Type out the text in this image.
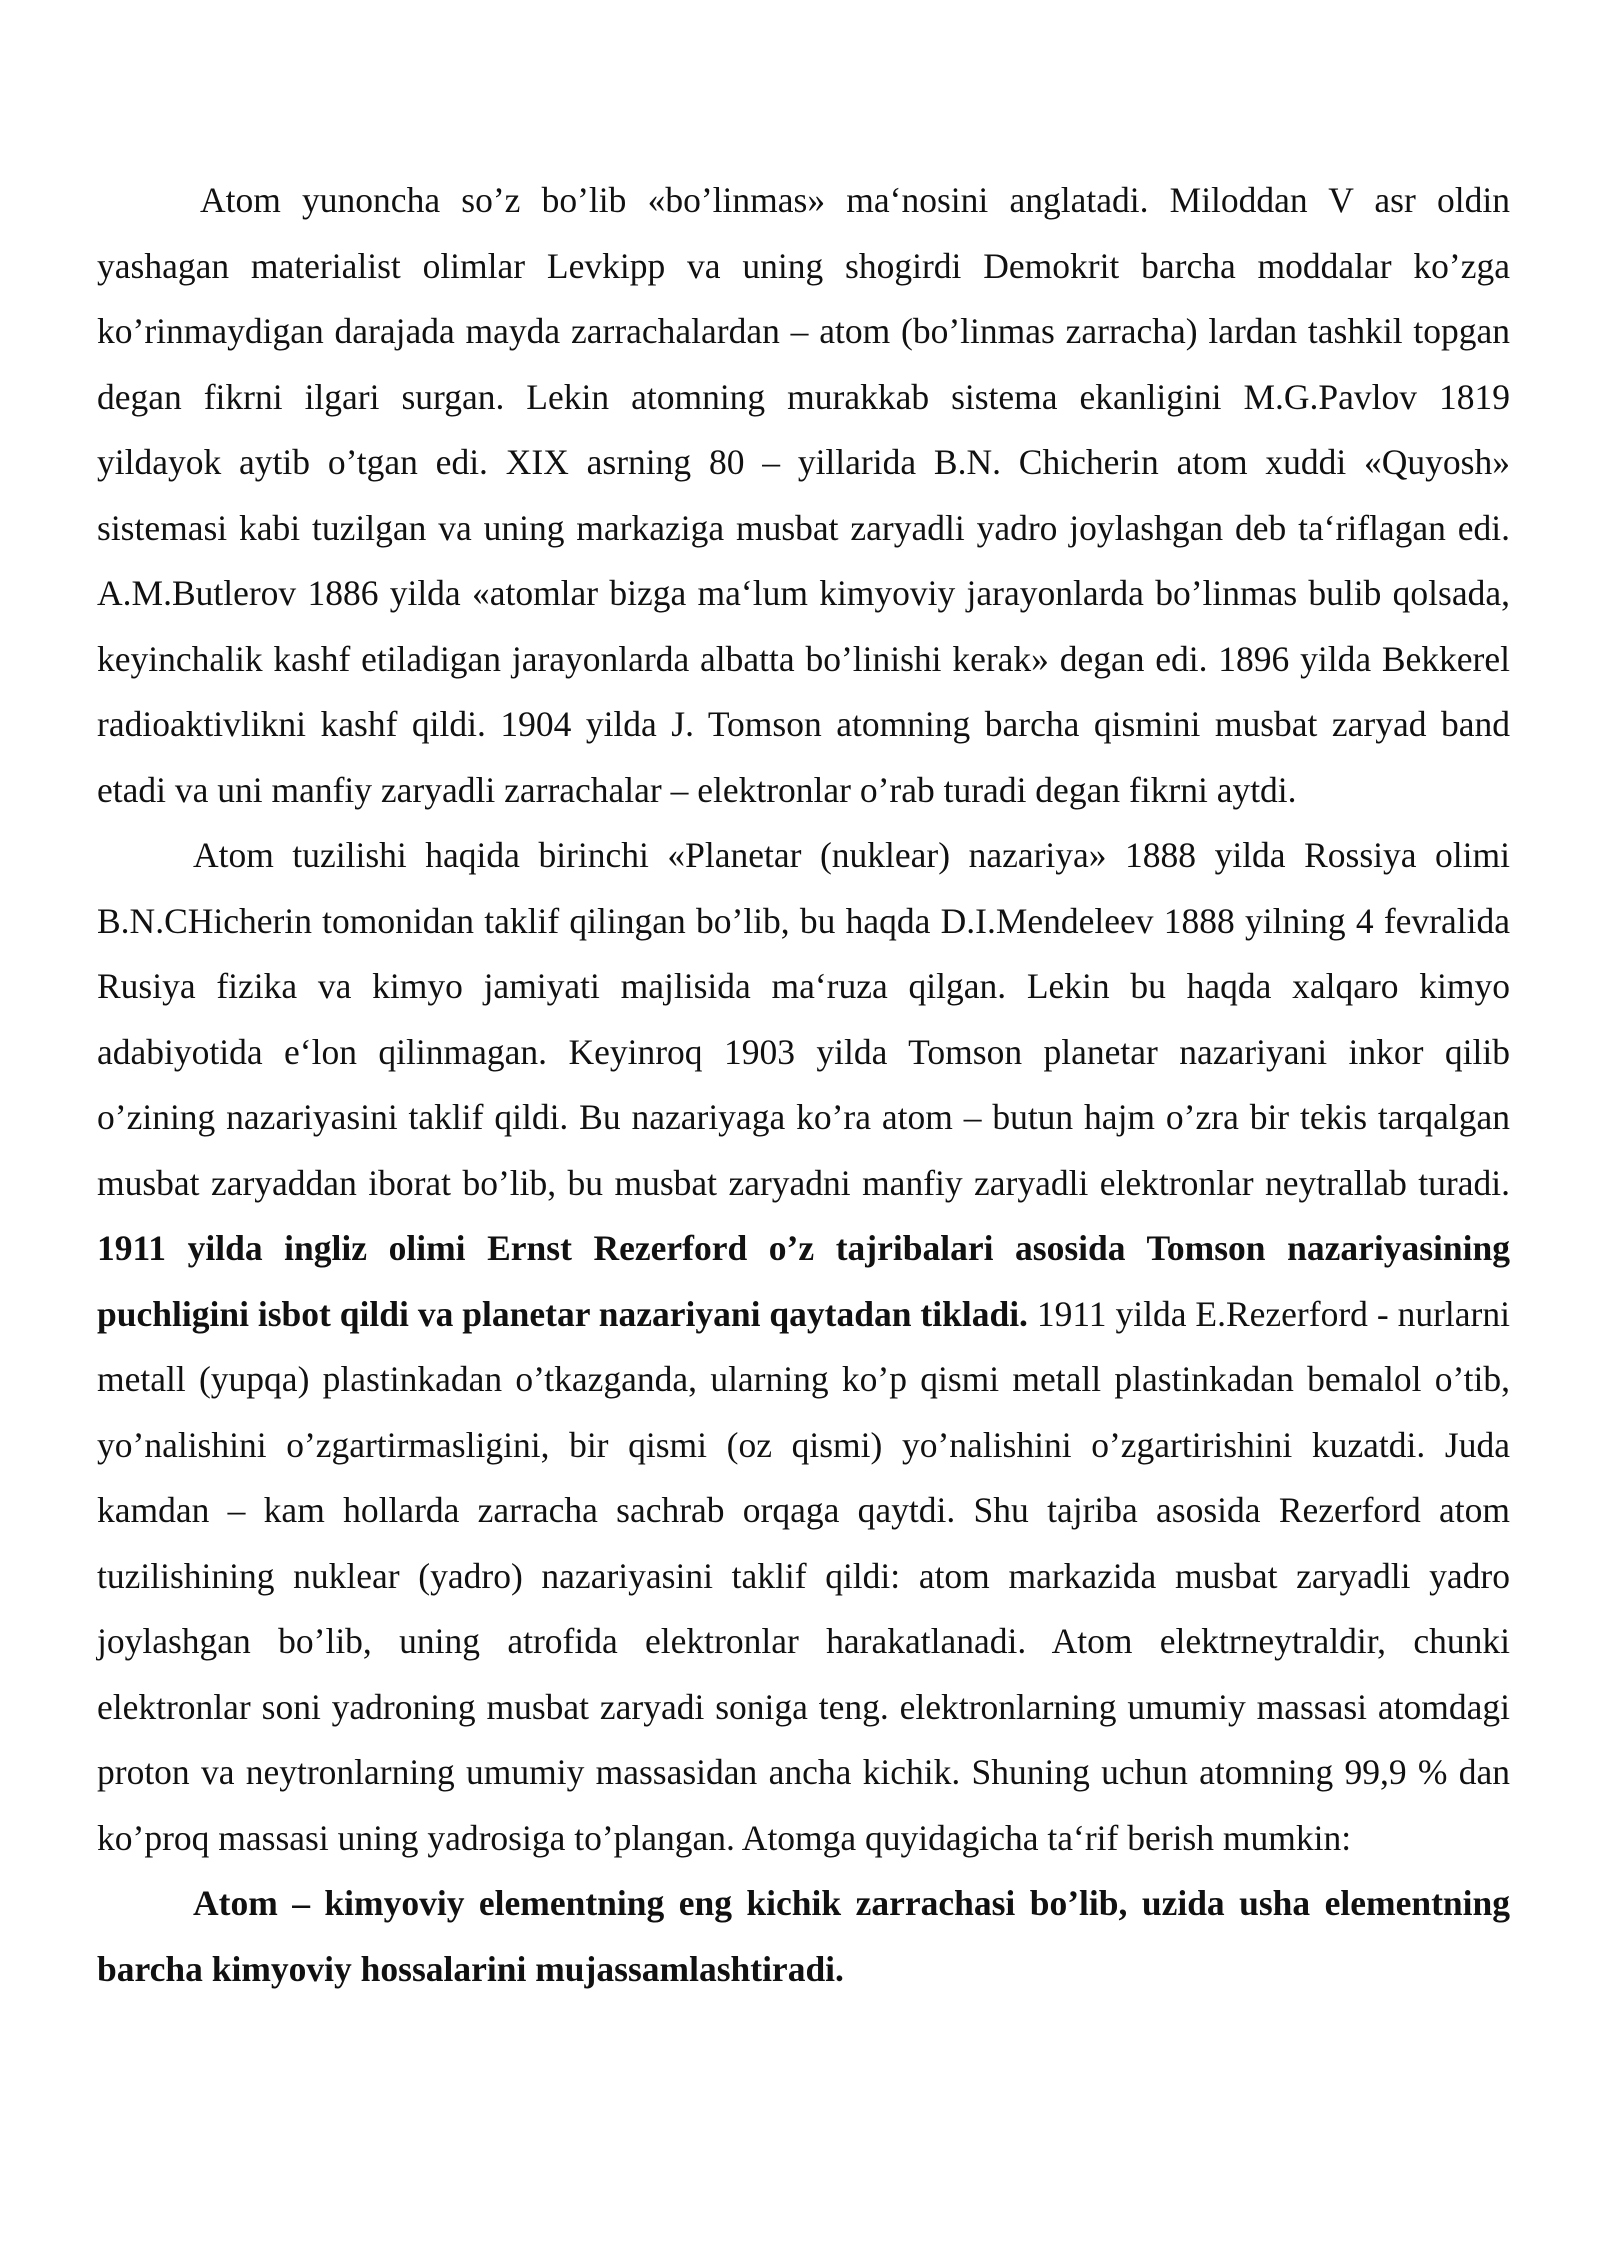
Atom yunoncha so’z bo’lib «bo’linmas» ma‘nosini anglatadi. Miloddan V asr oldin yashagan materialist olimlar Levkipp va uning shogirdi Demokrit barcha moddalar ko’zga ko’rinmaydigan darajada mayda zarrachalardan – atom (bo’linmas zarracha) lardan tashkil topgan degan fikrni ilgari surgan. Lekin atomning murakkab sistema ekanligini M.G.Pavlov 1819 yildayok aytib o’tgan edi. XIX asrning 80 – yillarida B.N. Chicherin atom xuddi «Quyosh» sistemasi kabi tuzilgan va uning markaziga musbat zaryadli yadro joylashgan deb ta‘riflagan edi. A.M.Butlerov 1886 yilda «atomlar bizga ma‘lum kimyoviy jarayonlarda bo’linmas bulib qolsada, keyinchalik kashf etiladigan jarayonlarda albatta bo’linishi kerak» degan edi. 1896 yilda Bekkerel radioaktivlikni kashf qildi. 1904 yilda J. Tomson atomning barcha qismini musbat zaryad band etadi va uni manfiy zaryadli zarrachalar – elektronlar o’rab turadi degan fikrni aytdi.

Atom tuzilishi haqida birinchi «Planetar (nuklear) nazariya» 1888 yilda Rossiya olimi B.N.CHicherin tomonidan taklif qilingan bo’lib, bu haqda D.I.Mendeleev 1888 yilning 4 fevralida Rusiya fizika va kimyo jamiyati majlisida ma‘ruza qilgan. Lekin bu haqda xalqaro kimyo adabiyotida e‘lon qilinmagan. Keyinroq 1903 yilda Tomson planetar nazariyani inkor qilib o’zining nazariyasini taklif qildi. Bu nazariyaga ko’ra atom – butun hajm o’zra bir tekis tarqalgan musbat zaryaddan iborat bo’lib, bu musbat zaryadni manfiy zaryadli elektronlar neytrallab turadi. 1911 yilda ingliz olimi Ernst Rezerford o’z tajribalari asosida Tomson nazariyasining puchligini isbot qildi va planetar nazariyani qaytadan tikladi. 1911 yilda E.Rezerford - nurlarni metall (yupqa) plastinkadan o’tkazganda, ularning ko’p qismi metall plastinkadan bemalol o’tib, yo’nalishini o’zgartirmasligini, bir qismi (oz qismi) yo’nalishini o’zgartirishini kuzatdi. Juda kamdan – kam hollarda zarracha sachrab orqaga qaytdi. Shu tajriba asosida Rezerford atom tuzilishining nuklear (yadro) nazariyasini taklif qildi: atom markazida musbat zaryadli yadro joylashgan bo’lib, uning atrofida elektronlar harakatlanadi. Atom elektrneytraldir, chunki elektronlar soni yadroning musbat zaryadi soniga teng. elektronlarning umumiy massasi atomdagi proton va neytronlarning umumiy massasidan ancha kichik. Shuning uchun atomning 99,9 % dan ko’proq massasi uning yadrosiga to’plangan. Atomga quyidagicha ta‘rif berish mumkin:

Atom – kimyoviy elementning eng kichik zarrachasi bo’lib, uzida usha elementning barcha kimyoviy hossalarini mujassamlashtiradi.
